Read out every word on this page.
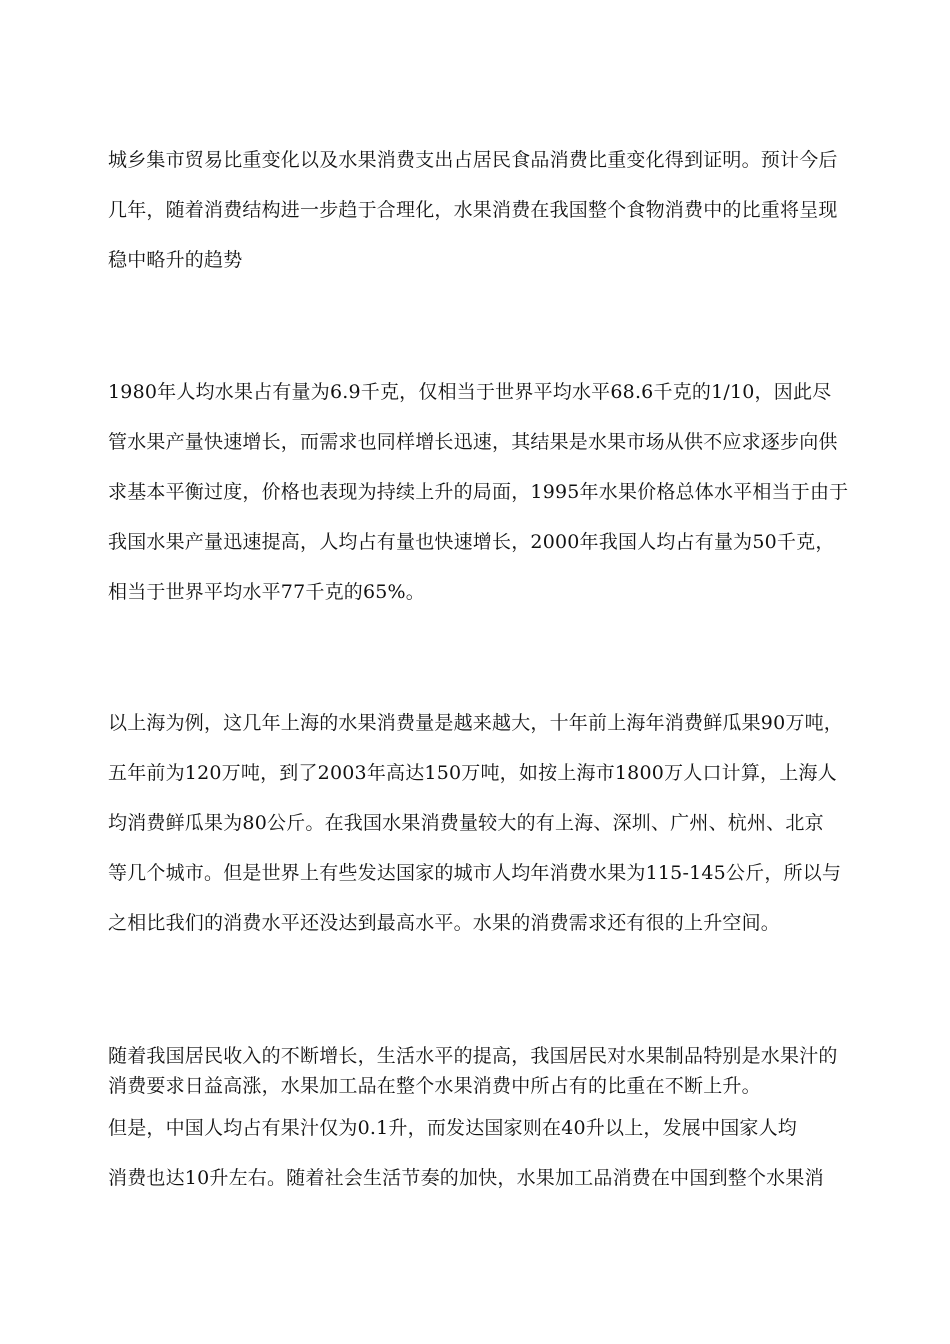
城乡集市贸易比重变化以及水果消费支出占居民食品消费比重变化得到证明。预计今后
几年，随着消费结构进一步趋于合理化，水果消费在我国整个食物消费中的比重将呈现
稳中略升的趋势
1980年人均水果占有量为6.9千克，仅相当于世界平均水平68.6千克的1/10，因此尽
管水果产量快速增长，而需求也同样增长迅速，其结果是水果市场从供不应求逐步向供
求基本平衡过度，价格也表现为持续上升的局面，1995年水果价格总体水平相当于由于
我国水果产量迅速提高，人均占有量也快速增长，2000年我国人均占有量为50千克，
相当于世界平均水平77千克的65%。
以上海为例，这几年上海的水果消费量是越来越大，十年前上海年消费鲜瓜果90万吨，
五年前为120万吨，到了2003年高达150万吨，如按上海市1800万人口计算，上海人
均消费鲜瓜果为80公斤。在我国水果消费量较大的有上海、深圳、广州、杭州、北京
等几个城市。但是世界上有些发达国家的城市人均年消费水果为115-145公斤，所以与
之相比我们的消费水平还没达到最高水平。水果的消费需求还有很的上升空间。
随着我国居民收入的不断增长，生活水平的提高，我国居民对水果制品特别是水果汁的
消费要求日益高涨，水果加工品在整个水果消费中所占有的比重在不断上升。
但是，中国人均占有果汁仅为0.1升，而发达国家则在40升以上，发展中国家人均
消费也达10升左右。随着社会生活节奏的加快，水果加工品消费在中国到整个水果消
